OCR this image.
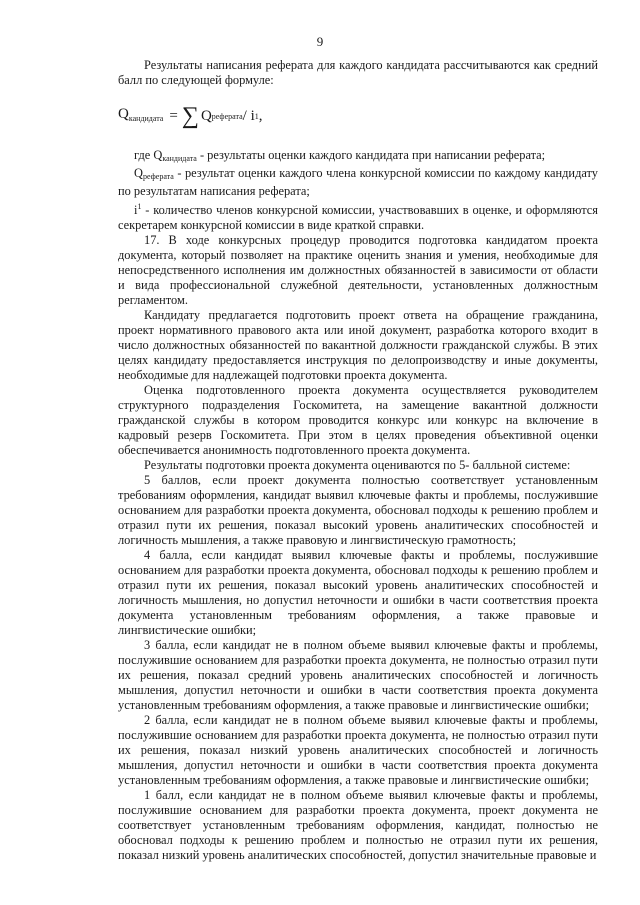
9

Результаты написания реферата для каждого кандидата рассчитываются как средний балл по следующей формуле:

$Q_{кандидата}$ = ∑ Q реферата / i 1 ,

где $Q_{кандидата}$ - результаты оценки каждого кандидата при написании реферата;

$Q_{реферата}$ - результат оценки каждого члена конкурсной комиссии по каждому кандидату по результатам написания реферата;

$i^1$ - количество членов конкурсной комиссии, участвовавших в оценке, и оформляются секретарем конкурсной комиссии в виде краткой справки.

17. В ходе конкурсных процедур проводится подготовка кандидатом проекта документа, который позволяет на практике оценить знания и умения, необходимые для непосредственного исполнения им должностных обязанностей в зависимости от области и вида профессиональной служебной деятельности, установленных должностным регламентом.

Кандидату предлагается подготовить проект ответа на обращение гражданина, проект нормативного правового акта или иной документ, разработка которого входит в число должностных обязанностей по вакантной должности гражданской службы. В этих целях кандидату предоставляется инструкция по делопроизводству и иные документы, необходимые для надлежащей подготовки проекта документа.

Оценка подготовленного проекта документа осуществляется руководителем структурного подразделения Госкомитета, на замещение вакантной должности гражданской службы в котором проводится конкурс или конкурс на включение в кадровый резерв Госкомитета. При этом в целях проведения объективной оценки обеспечивается анонимность подготовленного проекта документа.

Результаты подготовки проекта документа оцениваются по 5- балльной системе:

5 баллов, если проект документа полностью соответствует установленным требованиям оформления, кандидат выявил ключевые факты и проблемы, послужившие основанием для разработки проекта документа, обосновал подходы к решению проблем и отразил пути их решения, показал высокий уровень аналитических способностей и логичность мышления, а также правовую и лингвистическую грамотность;

4 балла, если кандидат выявил ключевые факты и проблемы, послужившие основанием для разработки проекта документа, обосновал подходы к решению проблем и отразил пути их решения, показал высокий уровень аналитических способностей и логичность мышления, но допустил неточности и ошибки в части соответствия проекта документа установленным требованиям оформления, а также правовые и лингвистические ошибки;

3 балла, если кандидат не в полном объеме выявил ключевые факты и проблемы, послужившие основанием для разработки проекта документа, не полностью отразил пути их решения, показал средний уровень аналитических способностей и логичность мышления, допустил неточности и ошибки в части соответствия проекта документа установленным требованиям оформления, а также правовые и лингвистические ошибки;

2 балла, если кандидат не в полном объеме выявил ключевые факты и проблемы, послужившие основанием для разработки проекта документа, не полностью отразил пути их решения, показал низкий уровень аналитических способностей и логичность мышления, допустил неточности и ошибки в части соответствия проекта документа установленным требованиям оформления, а также правовые и лингвистические ошибки;

1 балл, если кандидат не в полном объеме выявил ключевые факты и проблемы, послужившие основанием для разработки проекта документа, проект документа не соответствует установленным требованиям оформления, кандидат, полностью не обосновал подходы к решению проблем и полностью не отразил пути их решения, показал низкий уровень аналитических способностей, допустил значительные правовые и
